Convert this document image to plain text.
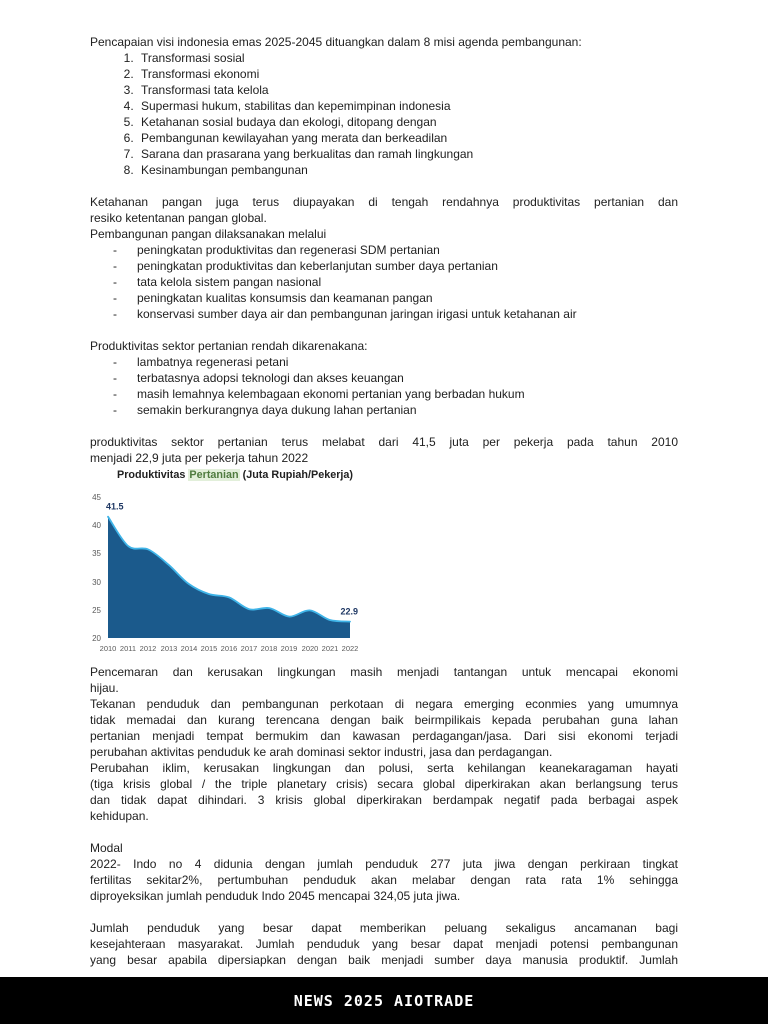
Pencapaian visi indonesia emas 2025-2045 dituangkan dalam 8 misi agenda pembangunan:
1. Transformasi sosial
2. Transformasi ekonomi
3. Transformasi tata kelola
4. Supermasi hukum, stabilitas dan kepemimpinan indonesia
5. Ketahanan sosial budaya dan ekologi, ditopang dengan
6. Pembangunan kewilayahan yang merata dan berkeadilan
7. Sarana dan prasarana yang berkualitas dan ramah lingkungan
8. Kesinambungan pembangunan
Ketahanan pangan juga terus diupayakan di tengah rendahnya produktivitas pertanian dan
resiko ketentanan pangan global.
Pembangunan pangan dilaksanakan melalui
- peningkatan produktivitas dan regenerasi SDM pertanian
- peningkatan produktivitas dan keberlanjutan sumber daya pertanian
- tata kelola sistem pangan nasional
- peningkatan kualitas konsumsis dan keamanan pangan
- konservasi sumber daya air dan pembangunan jaringan irigasi untuk ketahanan air
Produktivitas sektor pertanian rendah dikarenakana:
- lambatnya regenerasi petani
- terbatasnya adopsi teknologi dan akses keuangan
- masih lemahnya kelembagaan ekonomi pertanian yang berbadan hukum
- semakin berkurangnya daya dukung lahan pertanian
produktivitas sektor pertanian terus melabat dari 41,5 juta per pekerja pada tahun 2010
menjadi 22,9 juta per pekerja tahun 2022
Produktivitas Pertanian (Juta Rupiah/Pekerja)
45
40
35
30
25
20
41.5
22.9
2010 2011 2012 2013 2014 2015 2016 2017 2018 2019 2020 2021 2022
Pencemaran dan kerusakan lingkungan masih menjadi tantangan untuk mencapai ekonomi
hijau.
Tekanan penduduk dan pembangunan perkotaan di negara emerging econmies yang umumnya
tidak memadai dan kurang terencana dengan baik beirmpilikais kepada perubahan guna lahan
pertanian menjadi tempat bermukim dan kawasan perdagangan/jasa. Dari sisi ekonomi terjadi
perubahan aktivitas penduduk ke arah dominasi sektor industri, jasa dan perdagangan.
Perubahan iklim, kerusakan lingkungan dan polusi, serta kehilangan keanekaragaman hayati
(tiga krisis global / the triple planetary crisis) secara global diperkirakan akan berlangsung terus
dan tidak dapat dihindari. 3 krisis global diperkirakan berdampak negatif pada berbagai aspek
kehidupan.
Modal
2022- Indo no 4 didunia dengan jumlah penduduk 277 juta jiwa dengan perkiraan tingkat
fertilitas sekitar2%, pertumbuhan penduduk akan melabar dengan rata rata 1% sehingga
diproyeksikan jumlah penduduk Indo 2045 mencapai 324,05 juta jiwa.
Jumlah penduduk yang besar dapat memberikan peluang sekaligus ancamanan bagi
kesejahteraan masyarakat. Jumlah penduduk yang besar dapat menjadi potensi pembangunan
yang besar apabila dipersiapkan dengan baik menjadi sumber daya manusia produktif. Jumlah
NEWS 2025 AIOTRADE
